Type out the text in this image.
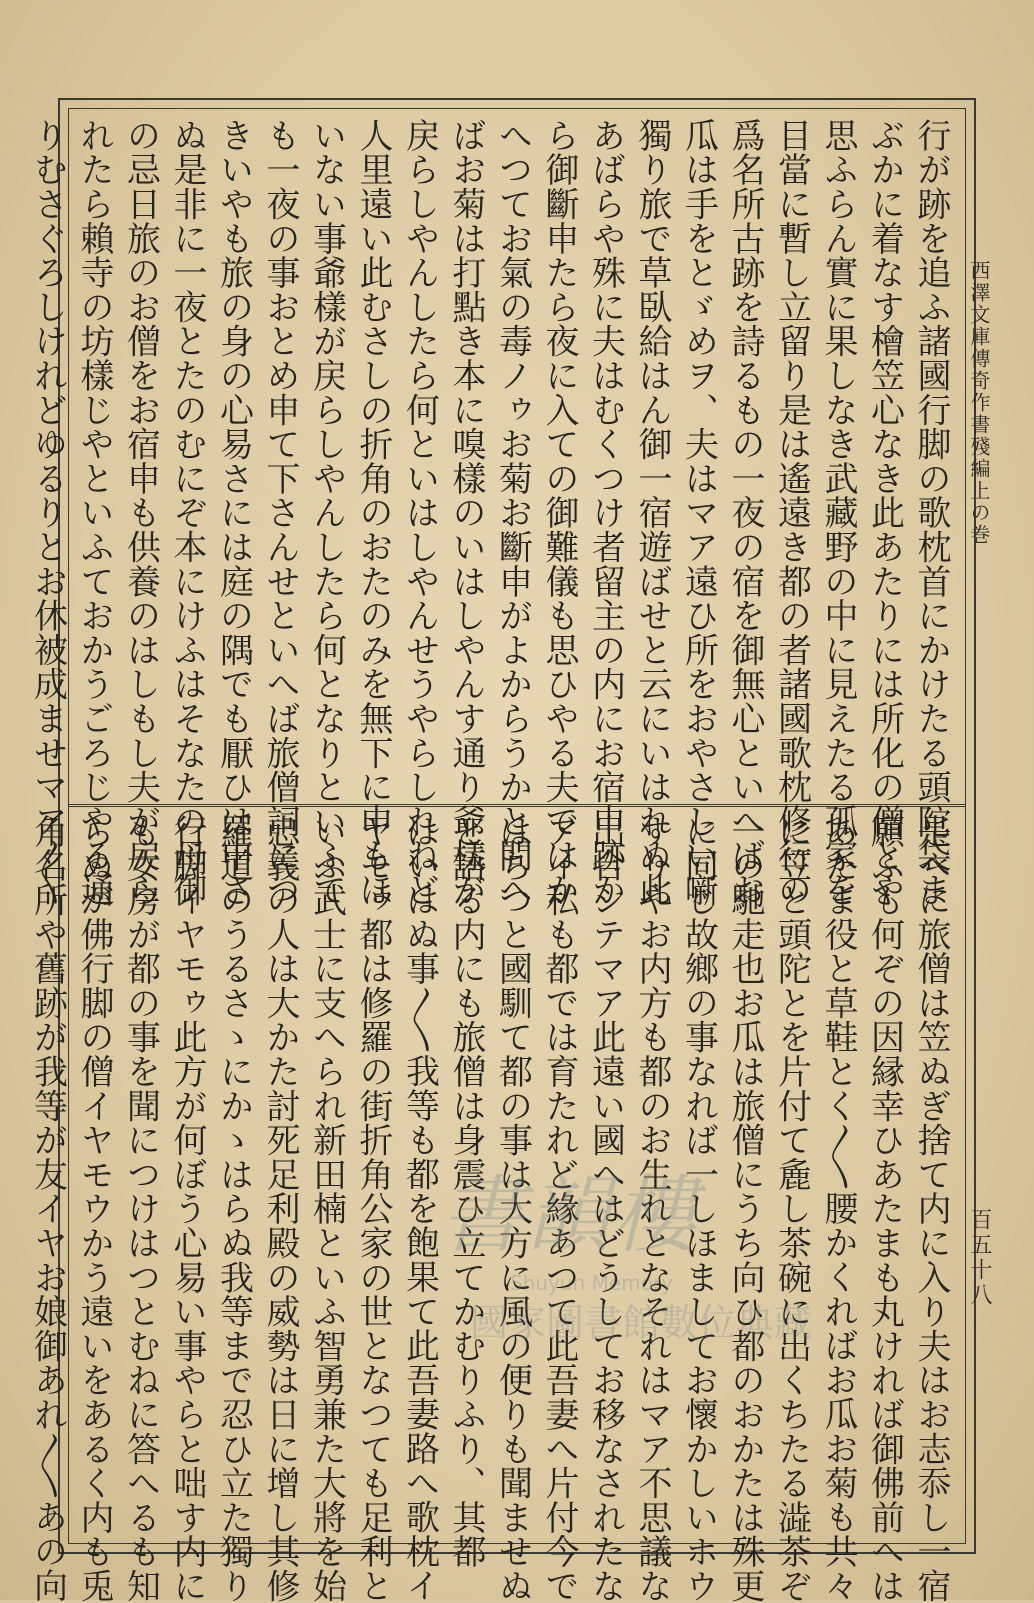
西澤文庫傳奇作書殘編上の巻
百五十八
行が跡を追ふ諸國行脚の歌枕首にかけたる頭陀袋ま
ぶかに着なす檜笠心なき此あたりには所化の僧とや
思ふらん實に果しなき武藏野の中に見えたる孤家を
目當に暫し立留り是は遙遠き都の者諸國歌枕修行の
爲名所古跡を詩るもの一夜の宿を御無心といへばお
瓜は手をとゞめヲ、夫はマア遠ひ所をおやさしい噺
獨り旅で草臥給はん御一宿遊ばせと云にいはれぬ此
あばらや殊に夫はむくつけ者留主の内にお宿申跡か
ら御斷申たら夜に入ての御難儀も思ひやる夫ではか
へつてお氣の毒ノゥお菊お斷申がよからうかと問へ
ばお菊は打點き本に嗅樣のいはしやんす通り爺樣が
戻らしやんしたら何といはしやんせうやらしれねど
人里遠い此むさしの折角のおたのみを無下に申もほ
いない事爺樣が戻らしやんしたら何となりといふて
も一夜の事おとめ申て下さんせといへば旅僧詞につ
きいやも旅の身の心易さには庭の隅でも厭ひは申さ
ぬ是非に一夜とたのむにぞ本にけふはそなたの母御
の忌日旅のお僧をお宿申も供養のはしもし夫が戻ら
れたら賴寺の坊樣じやといふておかうごろじやる通
りむさぐろしけれどゆるりとお休被成ませマア〳〵
是へに旅僧は笠ぬぎ捨て内に入り夫はお志忝し一宿
願ふも何ぞの因縁幸ひあたまも丸ければ御佛前へは
あたま役と草鞋とく〳〵腰かくればお瓜お菊も共々
に笠と頭陀とを片付て麁し茶碗に出くちたる澁茶ぞ
一の馳走也お瓜は旅僧にうち向ひ都のおかたは殊更
に同じ故鄉の事なれば一しほましてお懷かしいホウ
すりやお内方も都のお生れとなそれはマア不思議な
出合シテマア此遠い國へはどうしてお移なされたな
アイ私も都では育たれど緣あつて此吾妻へ片付今で
はちつと國馴て都の事は大方に風の便りも聞ませぬ
と語る内にも旅僧は身震ひ立てかむりふり、其都
はいはぬ事〳〵我等も都を飽果て此吾妻路へ歌枕イ
ヤモゥ都は修羅の街折角公家の世となつても足利と
いふ武士に支へられ新田楠といふ智勇兼た大將を始
忠義の人は大かた討死足利殿の威勢は日に增し其修
羅道のうるさゝにかゝはらぬ我等まで忍ひ立た獨り
行脚イヤモゥ此方が何ぼう心易い事やらと咄す内に
も女房が都の事を聞につけはつとむねに答へるも知
らぬが佛行脚の僧イヤモウかう遠いをあるく内も兎
角名所や舊跡が我等が友イヤお娘御あれ〳〵あの向	書韻樓
Shuyun Memory
國家圖書館數位典藏
